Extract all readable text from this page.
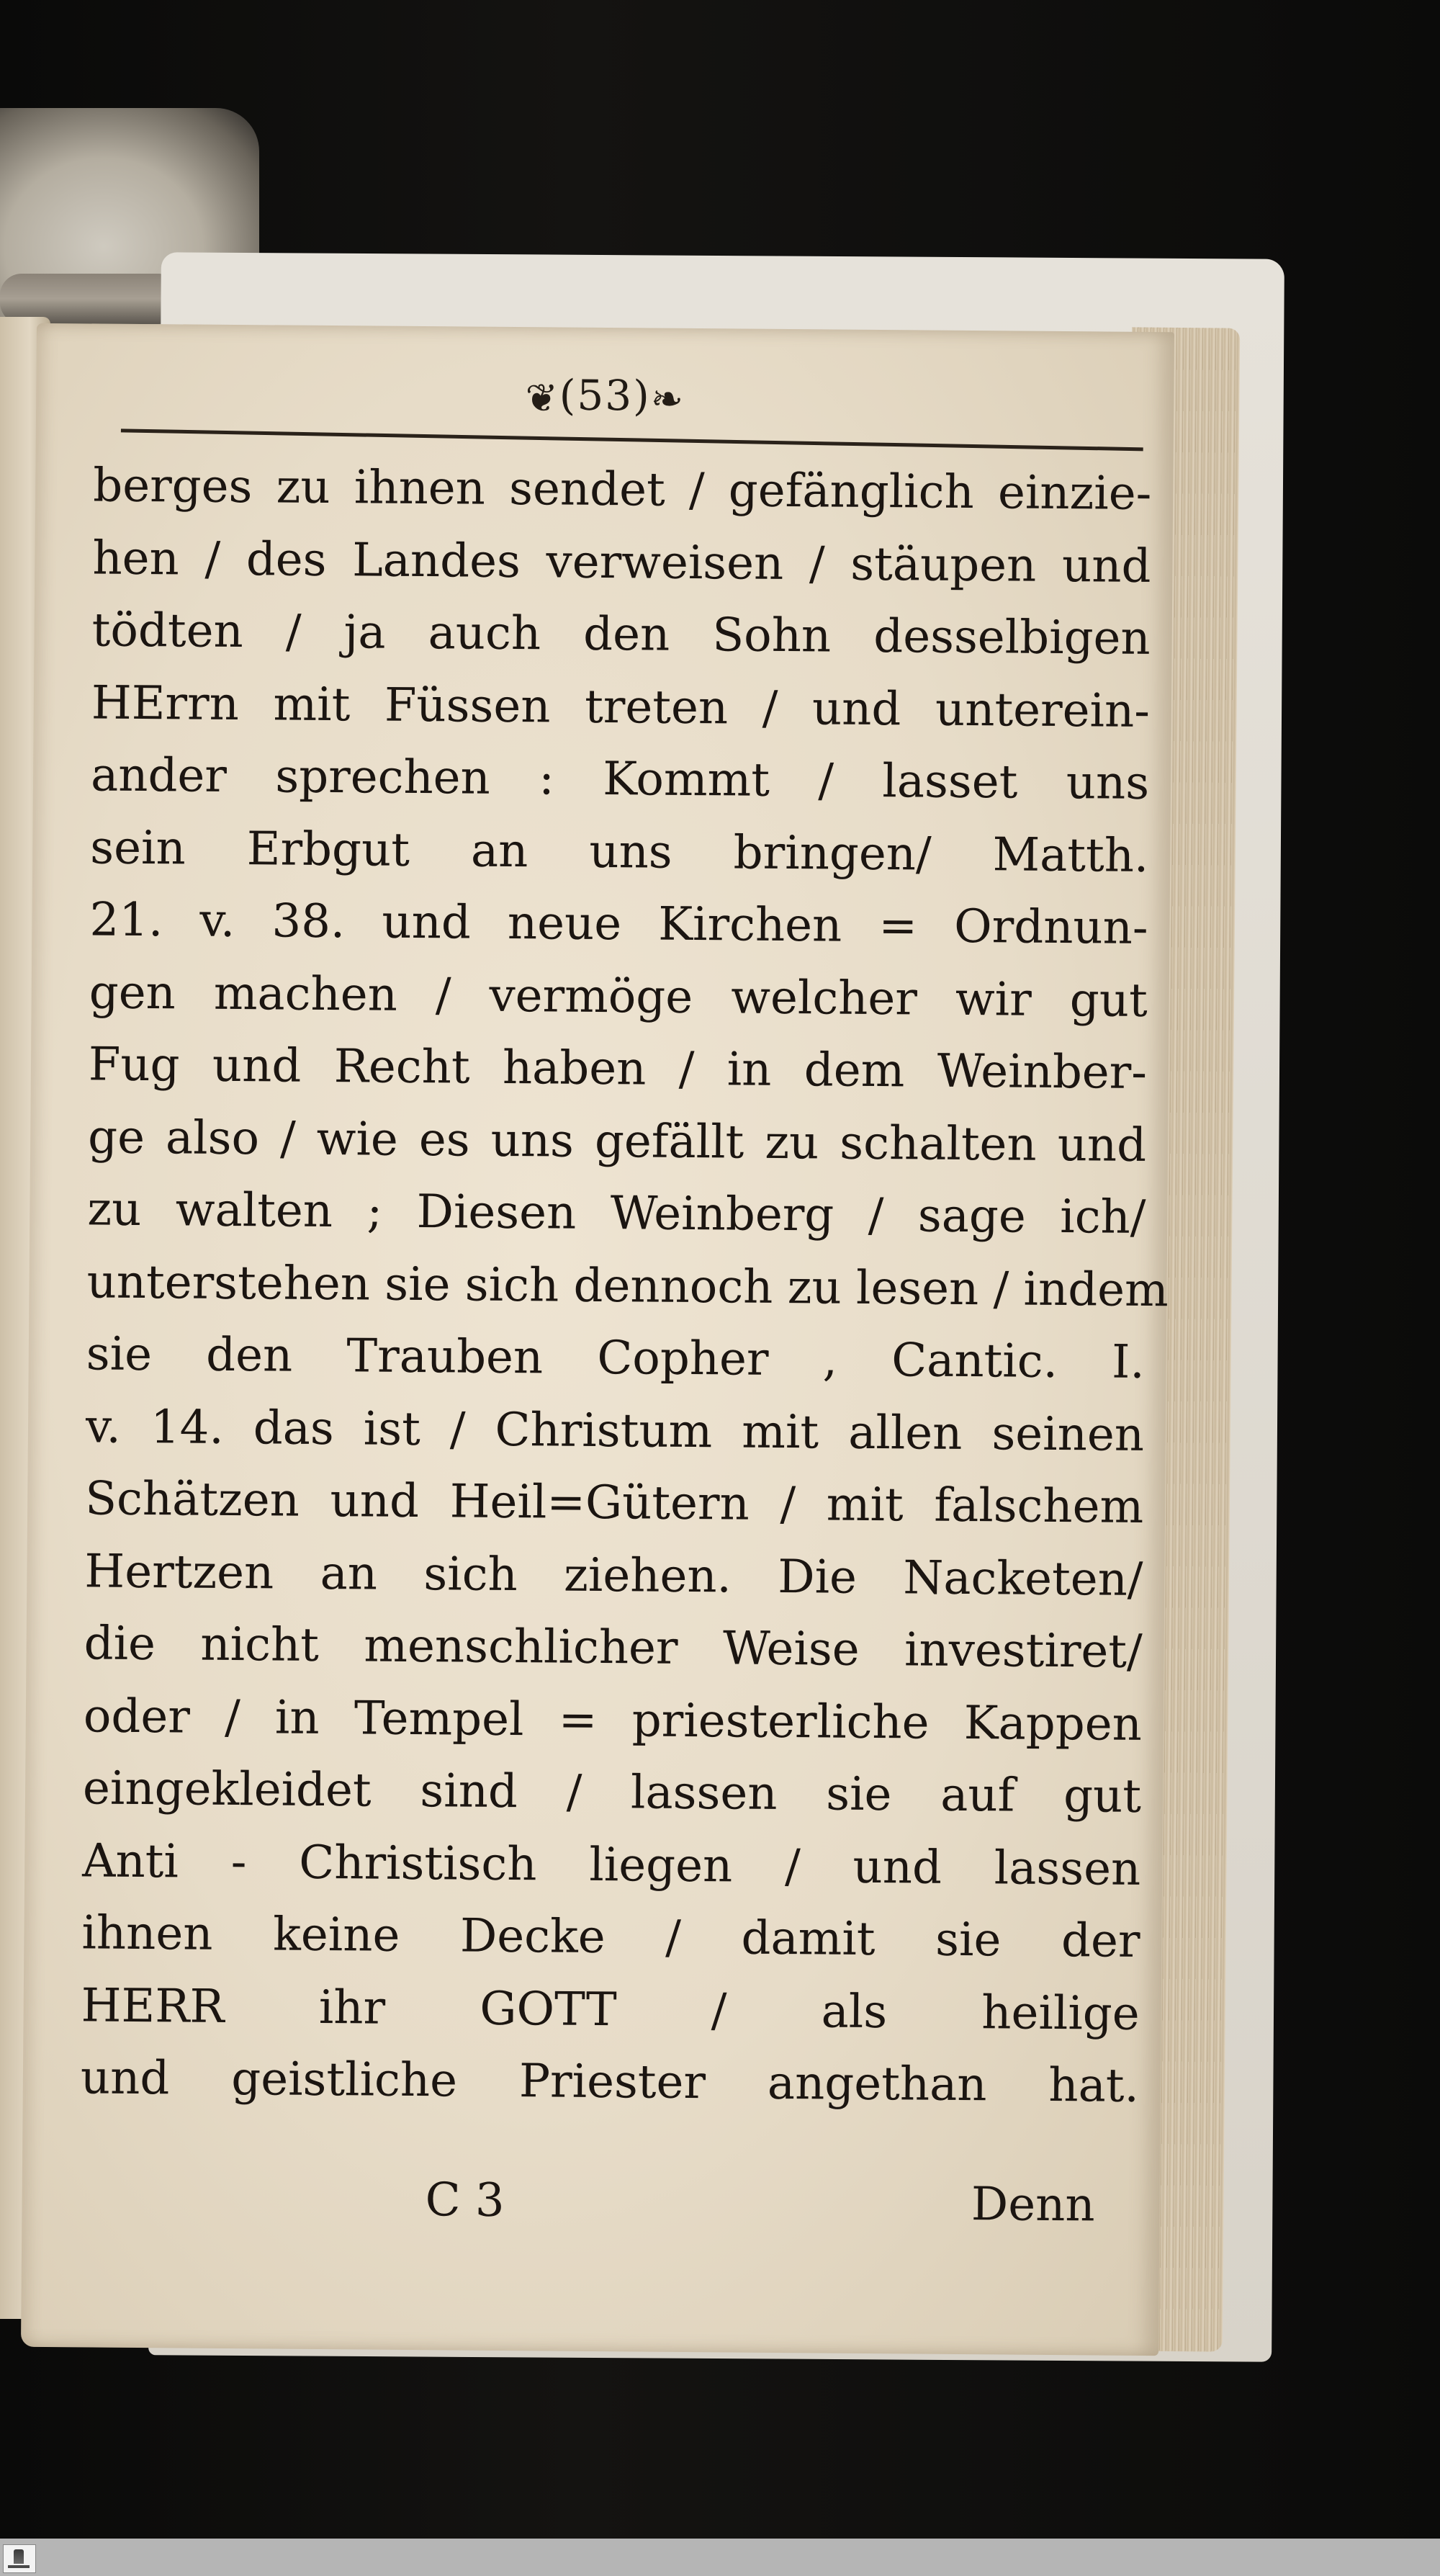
❦(53)❧
berges zu ihnen sendet / gefänglich einzie-
hen / des Landes verweisen / stäupen und
tödten / ja auch den Sohn desselbigen
HErrn mit Füssen treten / und unterein-
ander sprechen : Kommt / lasset uns
sein Erbgut an uns bringen/ Matth.
21. v. 38. und neue Kirchen = Ordnun-
gen machen / vermöge welcher wir gut
Fug und Recht haben / in dem Weinber-
ge also / wie es uns gefällt zu schalten und
zu walten ; Diesen Weinberg / sage ich/
unterstehen sie sich dennoch zu lesen / indem
sie den Trauben Copher , Cantic. I.
v. 14. das ist / Christum mit allen seinen
Schätzen und Heil=Gütern / mit falschem
Hertzen an sich ziehen. Die Nacketen/
die nicht menschlicher Weise investiret/
oder / in Tempel = priesterliche Kappen
eingekleidet sind / lassen sie auf gut
Anti - Christisch liegen / und lassen
ihnen keine Decke / damit sie der
HERR ihr GOTT / als heilige
und geistliche Priester angethan hat.
C 3	Denn
